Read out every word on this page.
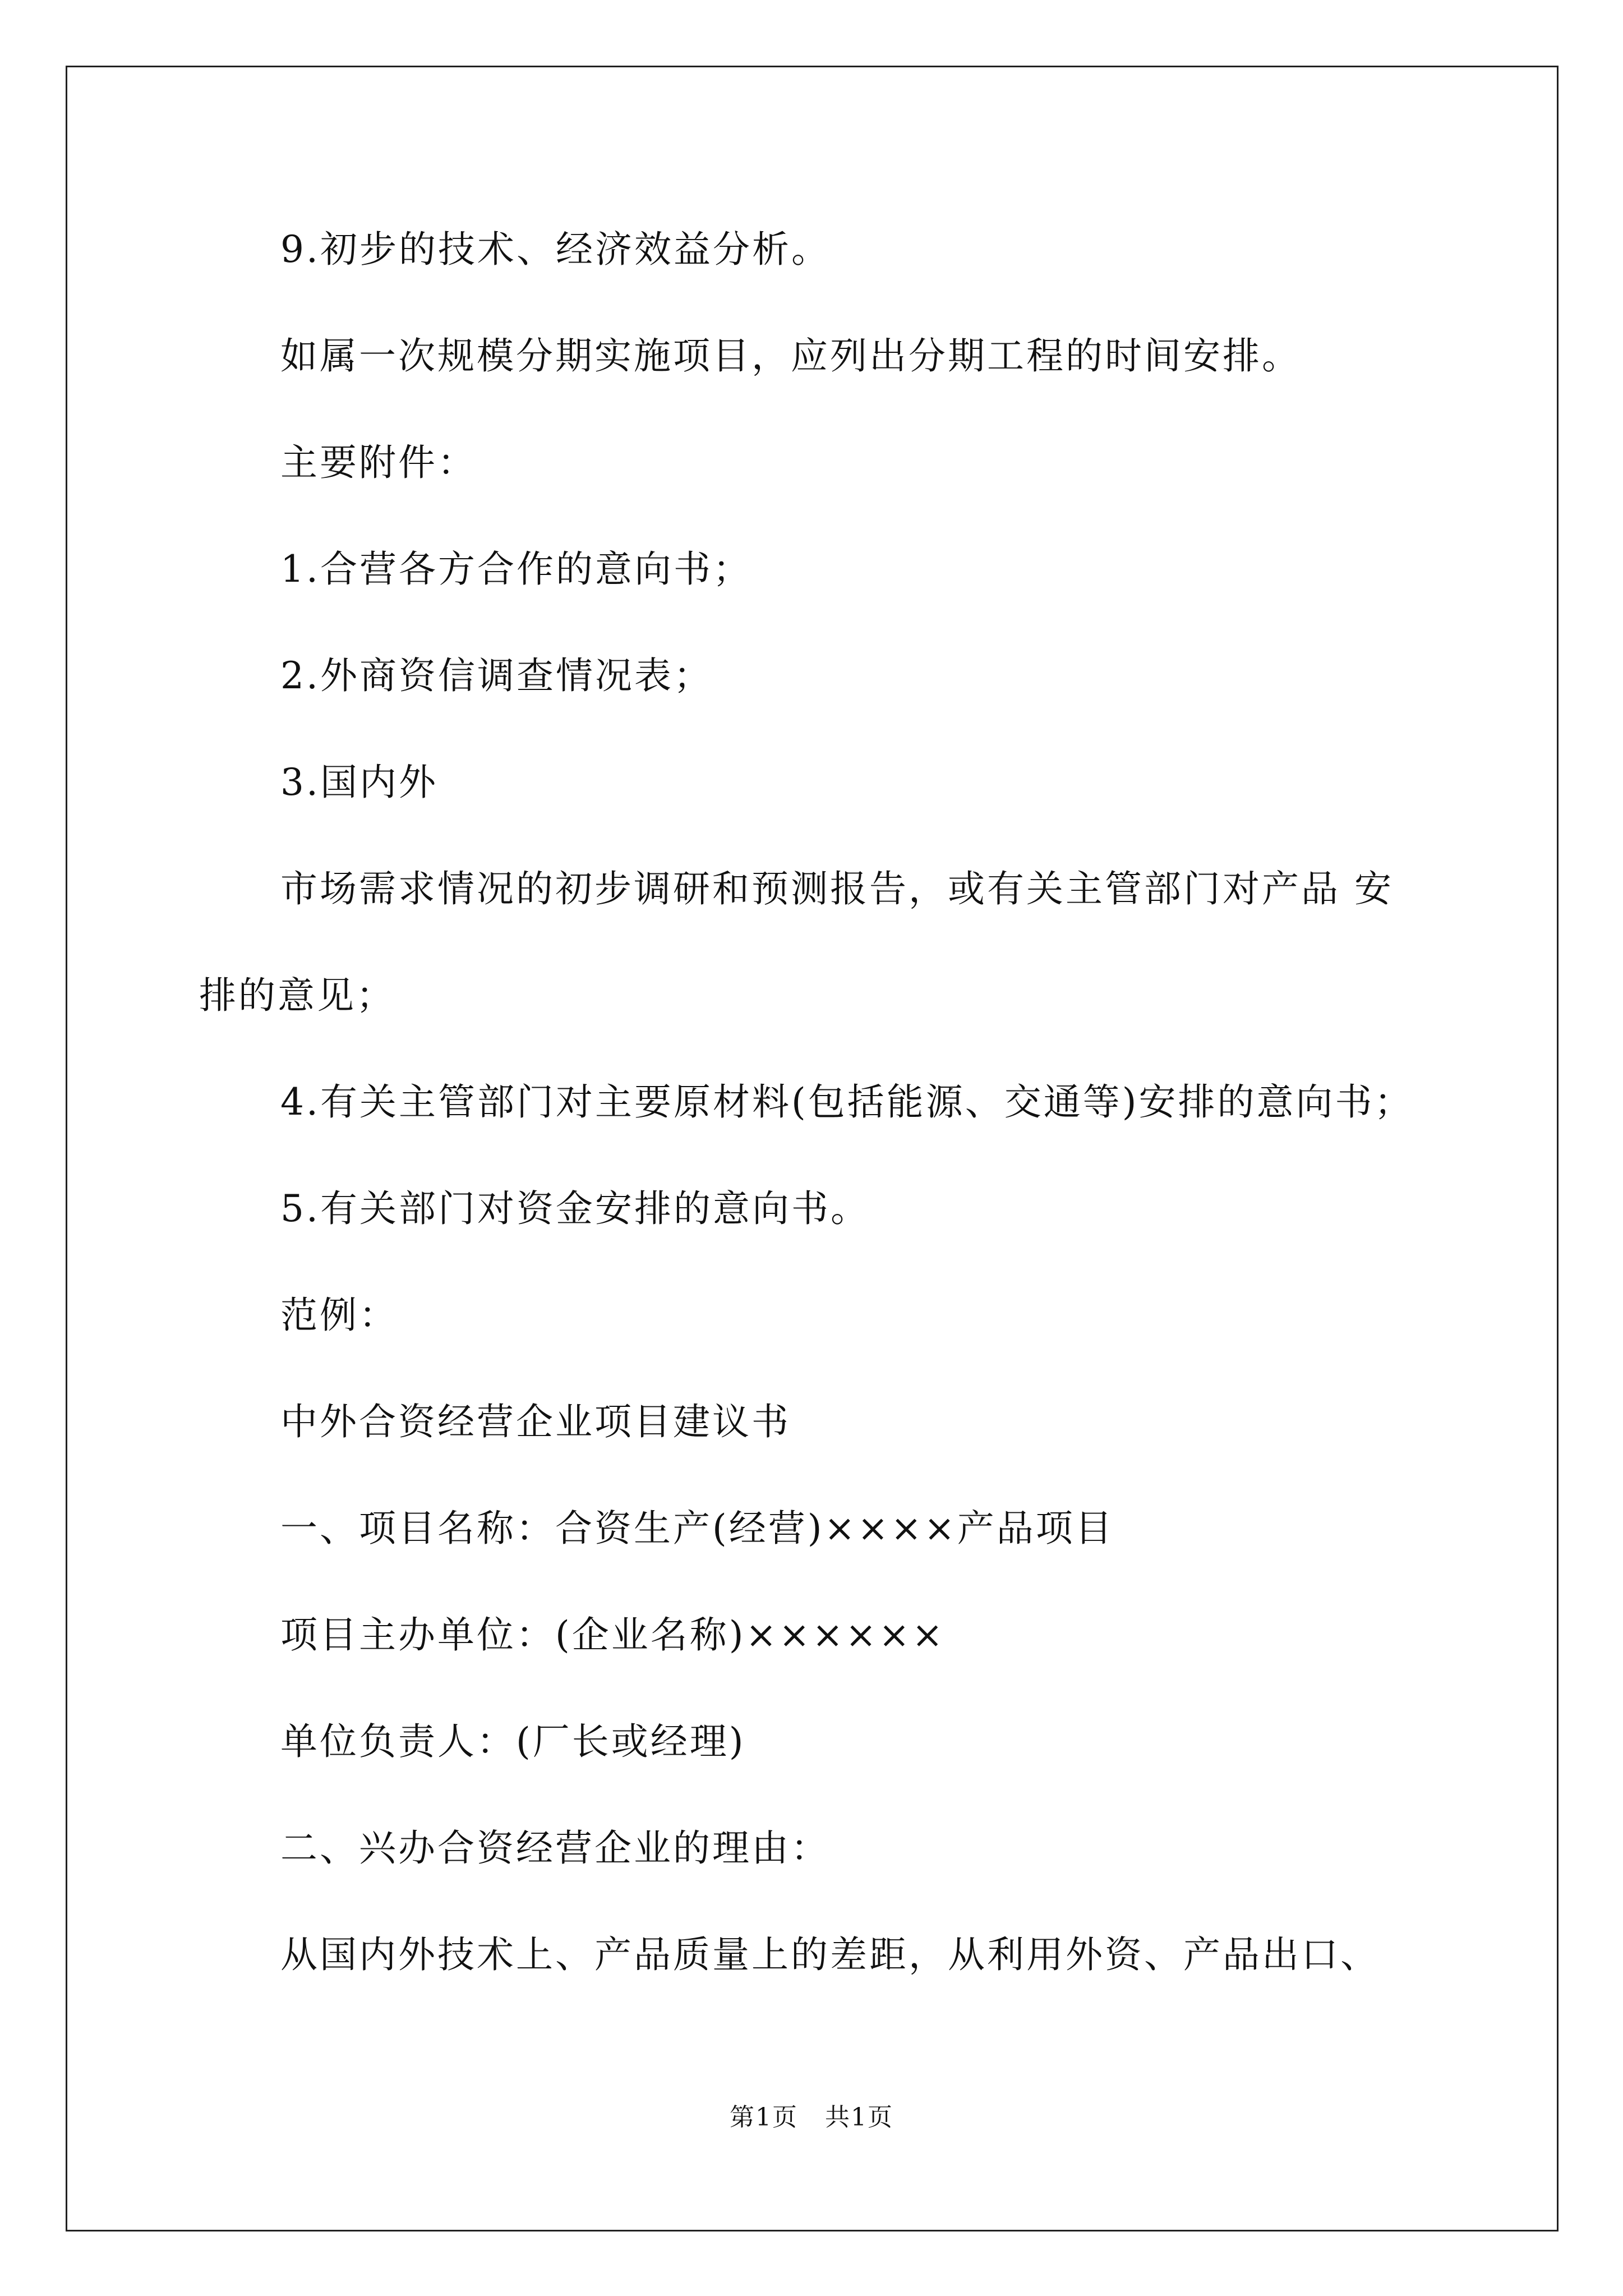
9.初步的技术、经济效益分析。
如属一次规模分期实施项目，应列出分期工程的时间安排。
主要附件：
1.合营各方合作的意向书；
2.外商资信调查情况表；
3.国内外
市场需求情况的初步调研和预测报告，或有关主管部门对产品 安
排的意见；
4.有关主管部门对主要原材料(包括能源、交通等)安排的意向书；
5.有关部门对资金安排的意向书。
范例：
中外合资经营企业项目建议书
一、项目名称：合资生产(经营)××××产品项目
项目主办单位：(企业名称)××××××
单位负责人：(厂长或经理)
二、兴办合资经营企业的理由：
从国内外技术上、产品质量上的差距，从利用外资、产品出口、
第1页   共1页
